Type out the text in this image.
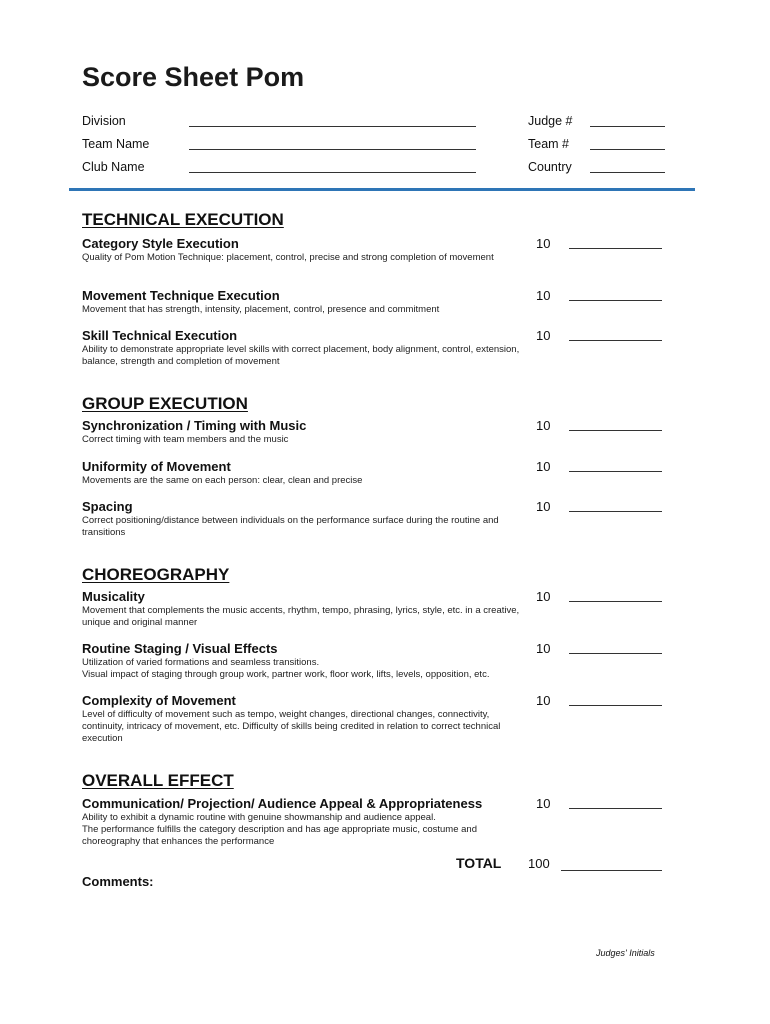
Score Sheet Pom
Division	Judge #
Team Name	Team #
Club Name	Country
TECHNICAL EXECUTION
Category Style Execution
Quality of Pom Motion Technique: placement, control, precise and strong completion of movement
10
Movement Technique Execution
Movement that has strength, intensity, placement, control, presence and commitment
10
Skill Technical Execution
Ability to demonstrate appropriate level skills with correct placement, body alignment, control, extension, balance, strength and completion of movement
10
GROUP EXECUTION
Synchronization / Timing with Music
Correct timing with team members and the music
10
Uniformity of Movement
Movements are the same on each person: clear, clean and precise
10
Spacing
Correct positioning/distance between individuals on the performance surface during the routine and transitions
10
CHOREOGRAPHY
Musicality
Movement that complements the music accents, rhythm, tempo, phrasing, lyrics, style, etc. in a creative, unique and original manner
10
Routine Staging / Visual Effects
Utilization of varied formations and seamless transitions.
Visual impact of staging through group work, partner work, floor work, lifts, levels, opposition, etc.
10
Complexity of Movement
Level of difficulty of movement such as tempo, weight changes, directional changes, connectivity, continuity, intricacy of movement, etc. Difficulty of skills being credited in relation to correct technical execution
10
OVERALL EFFECT
Communication/ Projection/ Audience Appeal & Appropriateness
Ability to exhibit a dynamic routine with genuine showmanship and audience appeal.
The performance fulfills the category description and has age appropriate music, costume and choreography that enhances the performance
10
TOTAL 100
Comments:
Judges' Initials
